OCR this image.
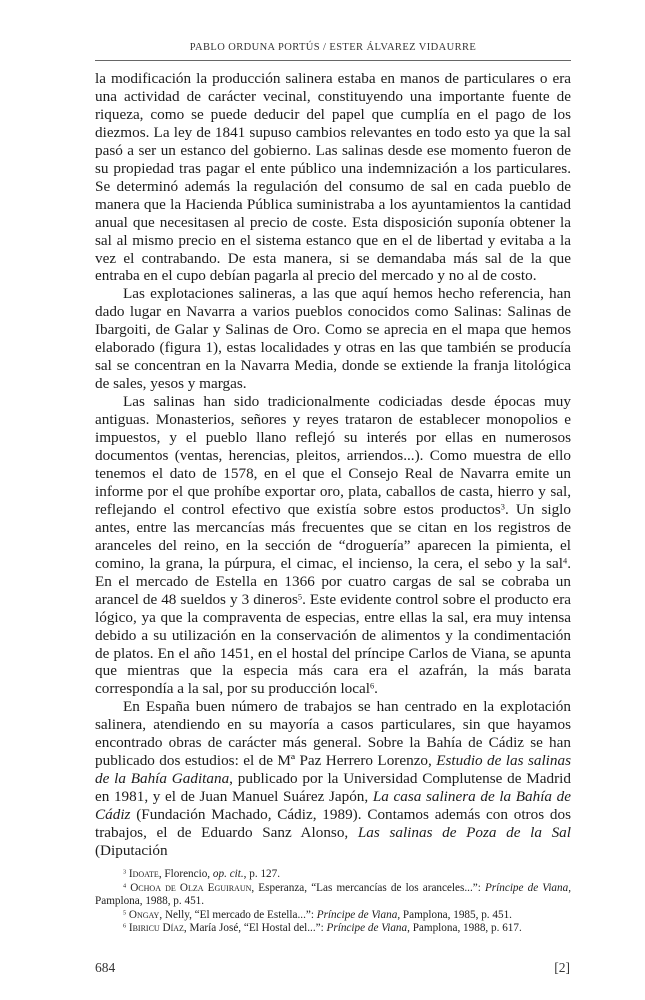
PABLO ORDUNA PORTÚS / ESTER ÁLVAREZ VIDAURRE

la modificación la producción salinera estaba en manos de particulares o era una actividad de carácter vecinal, constituyendo una importante fuente de riqueza, como se puede deducir del papel que cumplía en el pago de los diezmos. La ley de 1841 supuso cambios relevantes en todo esto ya que la sal pasó a ser un estanco del gobierno. Las salinas desde ese momento fueron de su propiedad tras pagar el ente público una indemnización a los particulares. Se determinó además la regulación del consumo de sal en cada pueblo de manera que la Hacienda Pública suministraba a los ayuntamientos la cantidad anual que necesitasen al precio de coste. Esta disposición suponía obtener la sal al mismo precio en el sistema estanco que en el de libertad y evitaba a la vez el contrabando. De esta manera, si se demandaba más sal de la que entraba en el cupo debían pagarla al precio del mercado y no al de costo.

Las explotaciones salineras, a las que aquí hemos hecho referencia, han dado lugar en Navarra a varios pueblos conocidos como Salinas: Salinas de Ibargoiti, de Galar y Salinas de Oro. Como se aprecia en el mapa que hemos elaborado (figura 1), estas localidades y otras en las que también se producía sal se concentran en la Navarra Media, donde se extiende la franja litológica de sales, yesos y margas.

Las salinas han sido tradicionalmente codiciadas desde épocas muy antiguas. Monasterios, señores y reyes trataron de establecer monopolios e impuestos, y el pueblo llano reflejó su interés por ellas en numerosos documentos (ventas, herencias, pleitos, arriendos...). Como muestra de ello tenemos el dato de 1578, en el que el Consejo Real de Navarra emite un informe por el que prohíbe exportar oro, plata, caballos de casta, hierro y sal, reflejando el control efectivo que existía sobre estos productos$^3$. Un siglo antes, entre las mercancías más frecuentes que se citan en los registros de aranceles del reino, en la sección de “droguería” aparecen la pimienta, el comino, la grana, la púrpura, el cimac, el incienso, la cera, el sebo y la sal$^4$. En el mercado de Estella en 1366 por cuatro cargas de sal se cobraba un arancel de 48 sueldos y 3 dineros$^5$. Este evidente control sobre el producto era lógico, ya que la compraventa de especias, entre ellas la sal, era muy intensa debido a su utilización en la conservación de alimentos y la condimentación de platos. En el año 1451, en el hostal del príncipe Carlos de Viana, se apunta que mientras que la especia más cara era el azafrán, la más barata correspondía a la sal, por su producción local$^6$.

En España buen número de trabajos se han centrado en la explotación salinera, atendiendo en su mayoría a casos particulares, sin que hayamos encontrado obras de carácter más general. Sobre la Bahía de Cádiz se han publicado dos estudios: el de Mª Paz Herrero Lorenzo, Estudio de las salinas de la Bahía Gaditana, publicado por la Universidad Complutense de Madrid en 1981, y el de Juan Manuel Suárez Japón, La casa salinera de la Bahía de Cádiz (Fundación Machado, Cádiz, 1989). Contamos además con otros dos trabajos, el de Eduardo Sanz Alonso, Las salinas de Poza de la Sal (Diputación

$^3$ Idoate, Florencio, op. cit., p. 127.

$^4$ Ochoa de Olza Eguiraun, Esperanza, “Las mercancías de los aranceles...”: Príncipe de Viana, Pamplona, 1988, p. 451.

$^5$ Ongay, Nelly, “El mercado de Estella...”: Príncipe de Viana, Pamplona, 1985, p. 451.

$^6$ Ibiricu Díaz, María José, “El Hostal del...”: Príncipe de Viana, Pamplona, 1988, p. 617.

684	[2]
